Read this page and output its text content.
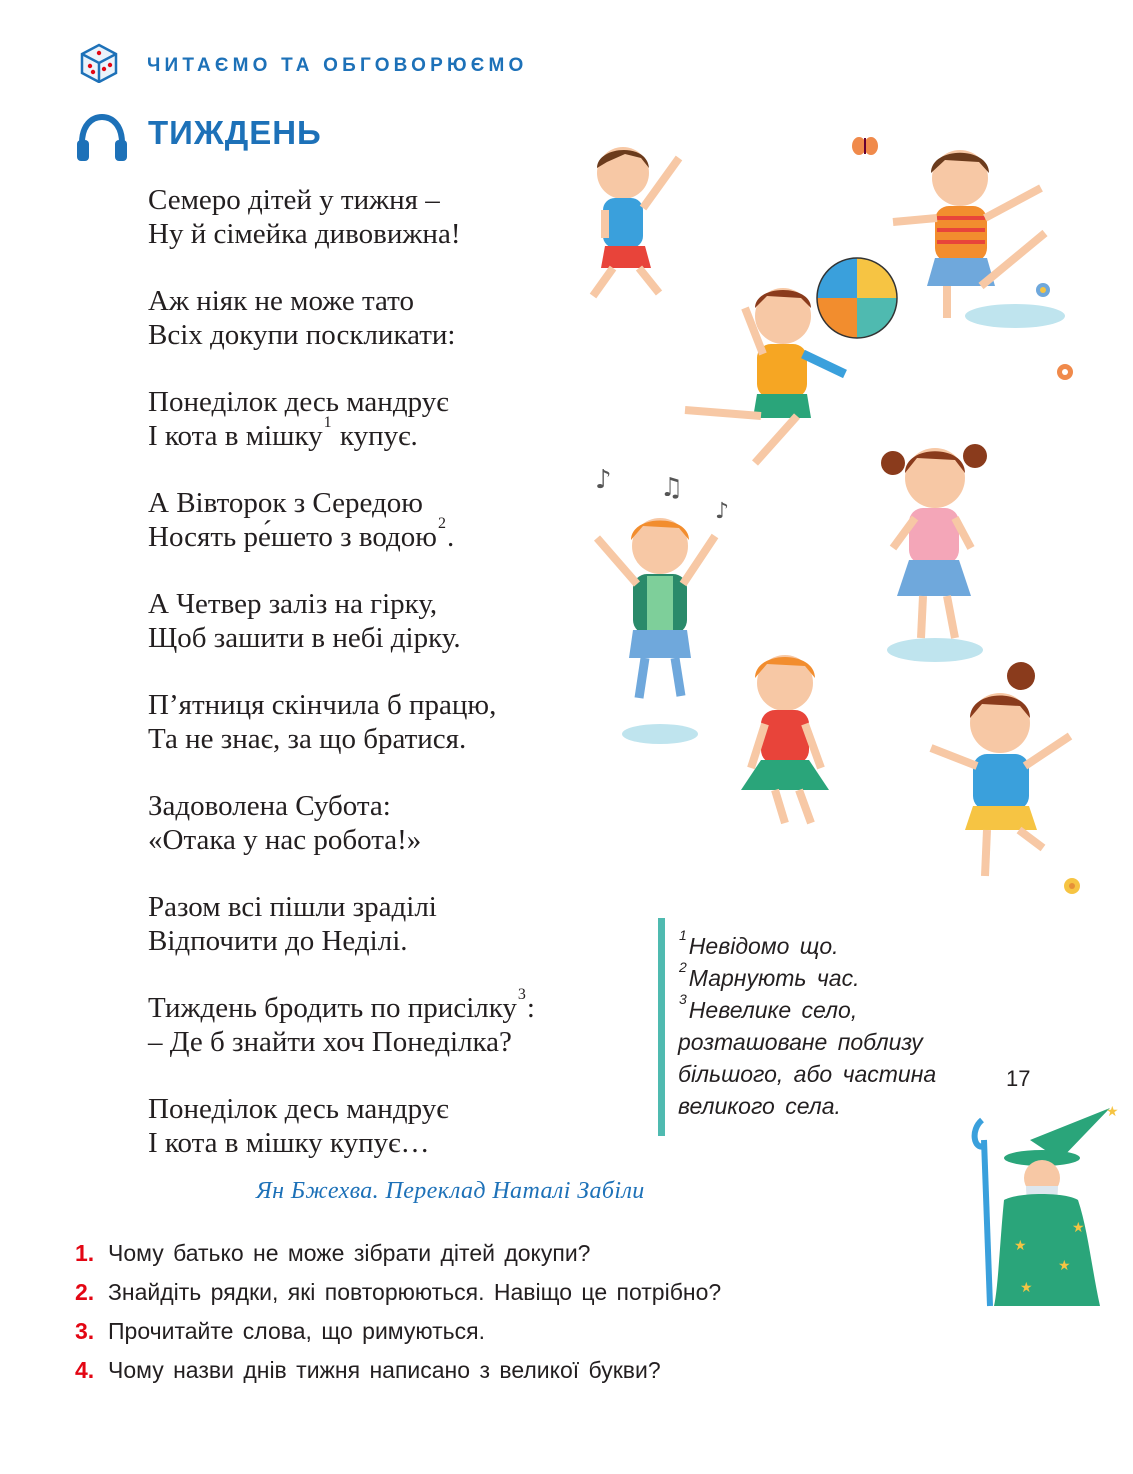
ЧИТАЄМО ТА ОБГОВОРЮЄМО
ТИЖДЕНЬ
Семеро дітей у тижня –
Ну й сімейка дивовижна!
Аж ніяк не може тато
Всіх докупи поскликати:
Понеділок десь мандрує
І кота в мішку$^1$ купує.
А Вівторок з Середою
Носять ре́шето з водою$^2$.
А Четвер заліз на гірку,
Щоб зашити в небі дірку.
П’ятниця скінчила б працю,
Та не знає, за що братися.
Задоволена Субота:
«Отака у нас робота!»
Разом всі пішли зраділі
Відпочити до Неділі.
Тиждень бродить по присілку$^3$:
– Де б знайти хоч Понеділка?
Понеділок десь мандрує
І кота в мішку купує…
Ян Бжехва. Переклад Наталі Забіли
$^1$Невідомо що.
$^2$Марнують час.
$^3$Невелике село,
розташоване поблизу
більшого, або частина
великого села.
1. Чому батько не може зібрати дітей докупи?
2. Знайдіть рядки, які повторюються. Навіщо це потрібно?
3. Прочитайте слова, що римуються.
4. Чому назви днів тижня написано з великої букви?
17
♪ ♫
♪
★
★
★
★
★
